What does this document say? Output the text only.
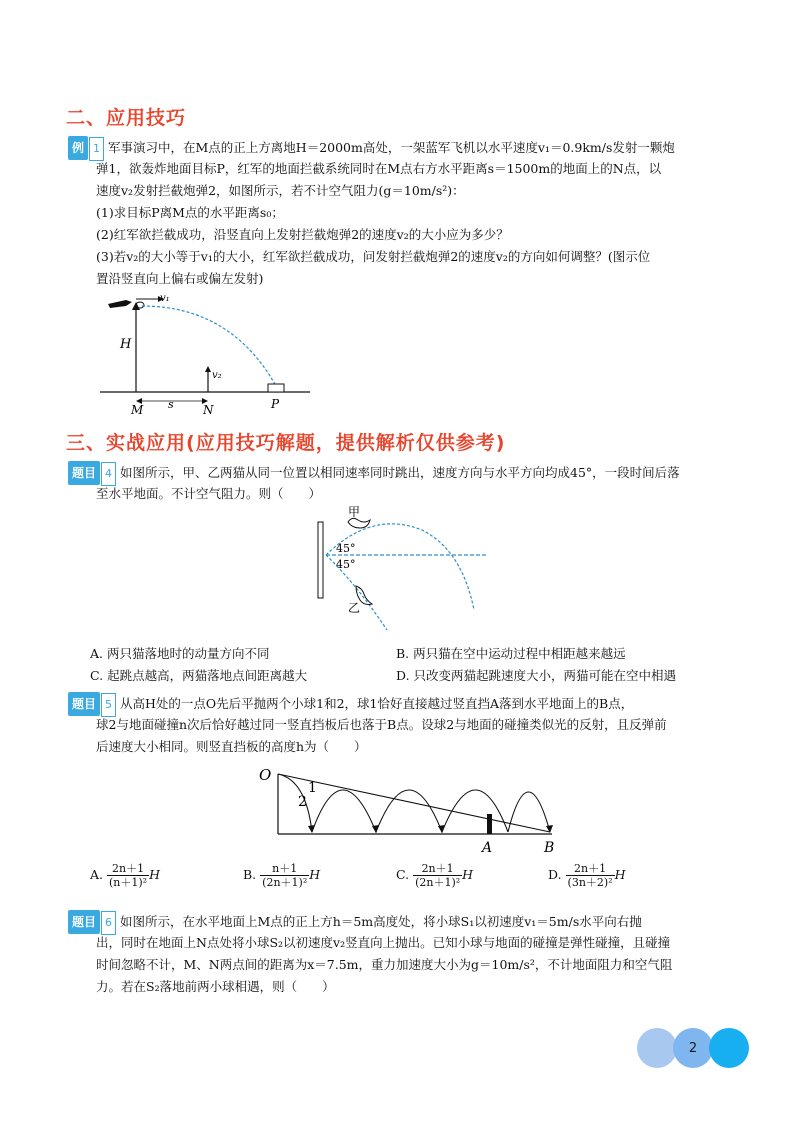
二、应用技巧
例 1 军事演习中，在M点的正上方离地H＝2000m高处，一架蓝军飞机以水平速度v₁＝0.9km/s发射一颗炮
弹1，欲轰炸地面目标P，红军的地面拦截系统同时在M点右方水平距离s＝1500m的地面上的N点，以
速度v₂发射拦截炮弹2，如图所示，若不计空气阻力(g＝10m/s²)：
(1)求目标P离M点的水平距离s₀；
(2)红军欲拦截成功，沿竖直向上发射拦截炮弹2的速度v₂的大小应为多少？
(3)若v₂的大小等于v₁的大小，红军欲拦截成功，问发射拦截炮弹2的速度v₂的方向如何调整？(图示位
置沿竖直向上偏右或偏左发射)
v₁
H
v₂
s
M	N	P
三、实战应用(应用技巧解题，提供解析仅供参考)
题目 4 如图所示，甲、乙两猫从同一位置以相同速率同时跳出，速度方向与水平方向均成45°，一段时间后落
至水平地面。不计空气阻力。则（　　）
甲
乙
45°
45°
A. 两只猫落地时的动量方向不同	B. 两只猫在空中运动过程中相距越来越远
C. 起跳点越高，两猫落地点间距离越大	D. 只改变两猫起跳速度大小，两猫可能在空中相遇
题目 5 从高H处的一点O先后平抛两个小球1和2，球1恰好直接越过竖直挡A落到水平地面上的B点，
球2与地面碰撞n次后恰好越过同一竖直挡板后也落于B点。设球2与地面的碰撞类似光的反射，且反弹前
后速度大小相同。则竖直挡板的高度h为（　　）
O
1
2
A	B
A. $\frac{2n+1}{\text{(n＋1)²}}$ H	B. $\frac{n+1}{\text{(2n＋1)²}}$ H	C. $\frac{2n+1}{\text{(2n＋1)²}}$ H	D. $\frac{2n+1}{\text{(3n＋2)²}}$ H
题目 6 如图所示，在水平地面上M点的正上方h＝5m高度处，将小球S₁以初速度v₁＝5m/s水平向右抛
出，同时在地面上N点处将小球S₂以初速度v₂竖直向上抛出。已知小球与地面的碰撞是弹性碰撞，且碰撞
时间忽略不计，M、N两点间的距离为x＝7.5m，重力加速度大小为g＝10m/s²，不计地面阻力和空气阻
力。若在S₂落地前两小球相遇，则（　　）
2
